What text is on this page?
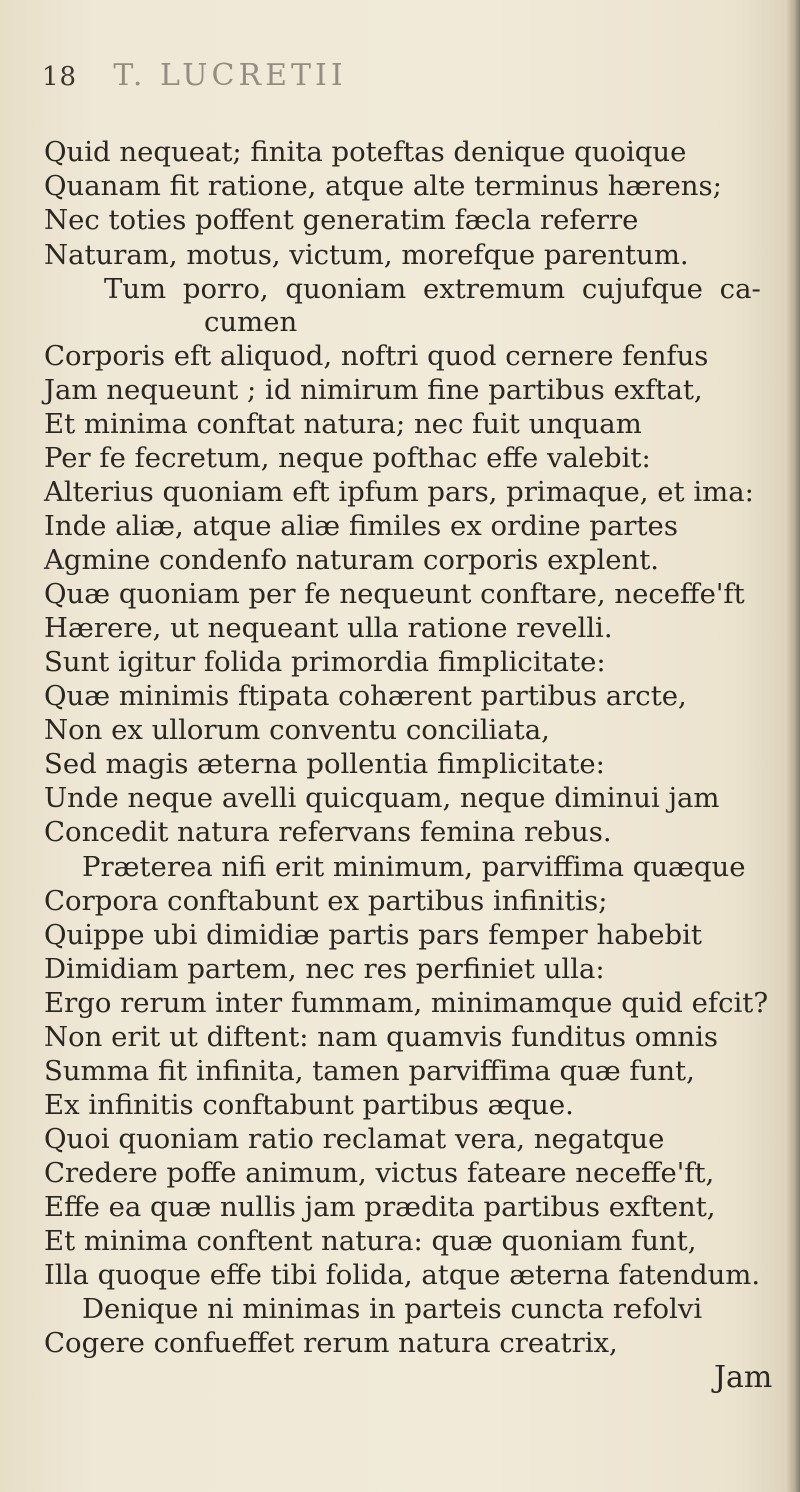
18 T. LUCRETII
Quid nequeat; finita poteftas denique quoique
Quanam fit ratione, atque alte terminus hærens;
Nec toties poffent generatim fæcla referre
Naturam, motus, victum, morefque parentum.
Tum porro, quoniam extremum cujufque ca-
cumen
Corporis eft aliquod, noftri quod cernere fenfus
Jam nequeunt ; id nimirum fine partibus exftat,
Et minima conftat natura; nec fuit unquam
Per fe fecretum, neque pofthac effe valebit:
Alterius quoniam eft ipfum pars, primaque, et ima:
Inde aliæ, atque aliæ fimiles ex ordine partes
Agmine condenfo naturam corporis explent.
Quæ quoniam per fe nequeunt conftare, neceffe'ft
Hærere, ut nequeant ulla ratione revelli.
Sunt igitur folida primordia fimplicitate:
Quæ minimis ftipata cohærent partibus arcte,
Non ex ullorum conventu conciliata,
Sed magis æterna pollentia fimplicitate:
Unde neque avelli quicquam, neque diminui jam
Concedit natura refervans femina rebus.
Præterea nifi erit minimum, parviffima quæque
Corpora conftabunt ex partibus infinitis;
Quippe ubi dimidiæ partis pars femper habebit
Dimidiam partem, nec res perfiniet ulla:
Ergo rerum inter fummam, minimamque quid efcit?
Non erit ut diftent: nam quamvis funditus omnis
Summa fit infinita, tamen parviffima quæ funt,
Ex infinitis conftabunt partibus æque.
Quoi quoniam ratio reclamat vera, negatque
Credere poffe animum, victus fateare neceffe'ft,
Effe ea quæ nullis jam prædita partibus exftent,
Et minima conftent natura: quæ quoniam funt,
Illa quoque effe tibi folida, atque æterna fatendum.
Denique ni minimas in parteis cuncta refolvi
Cogere confueffet rerum natura creatrix,
Jam
